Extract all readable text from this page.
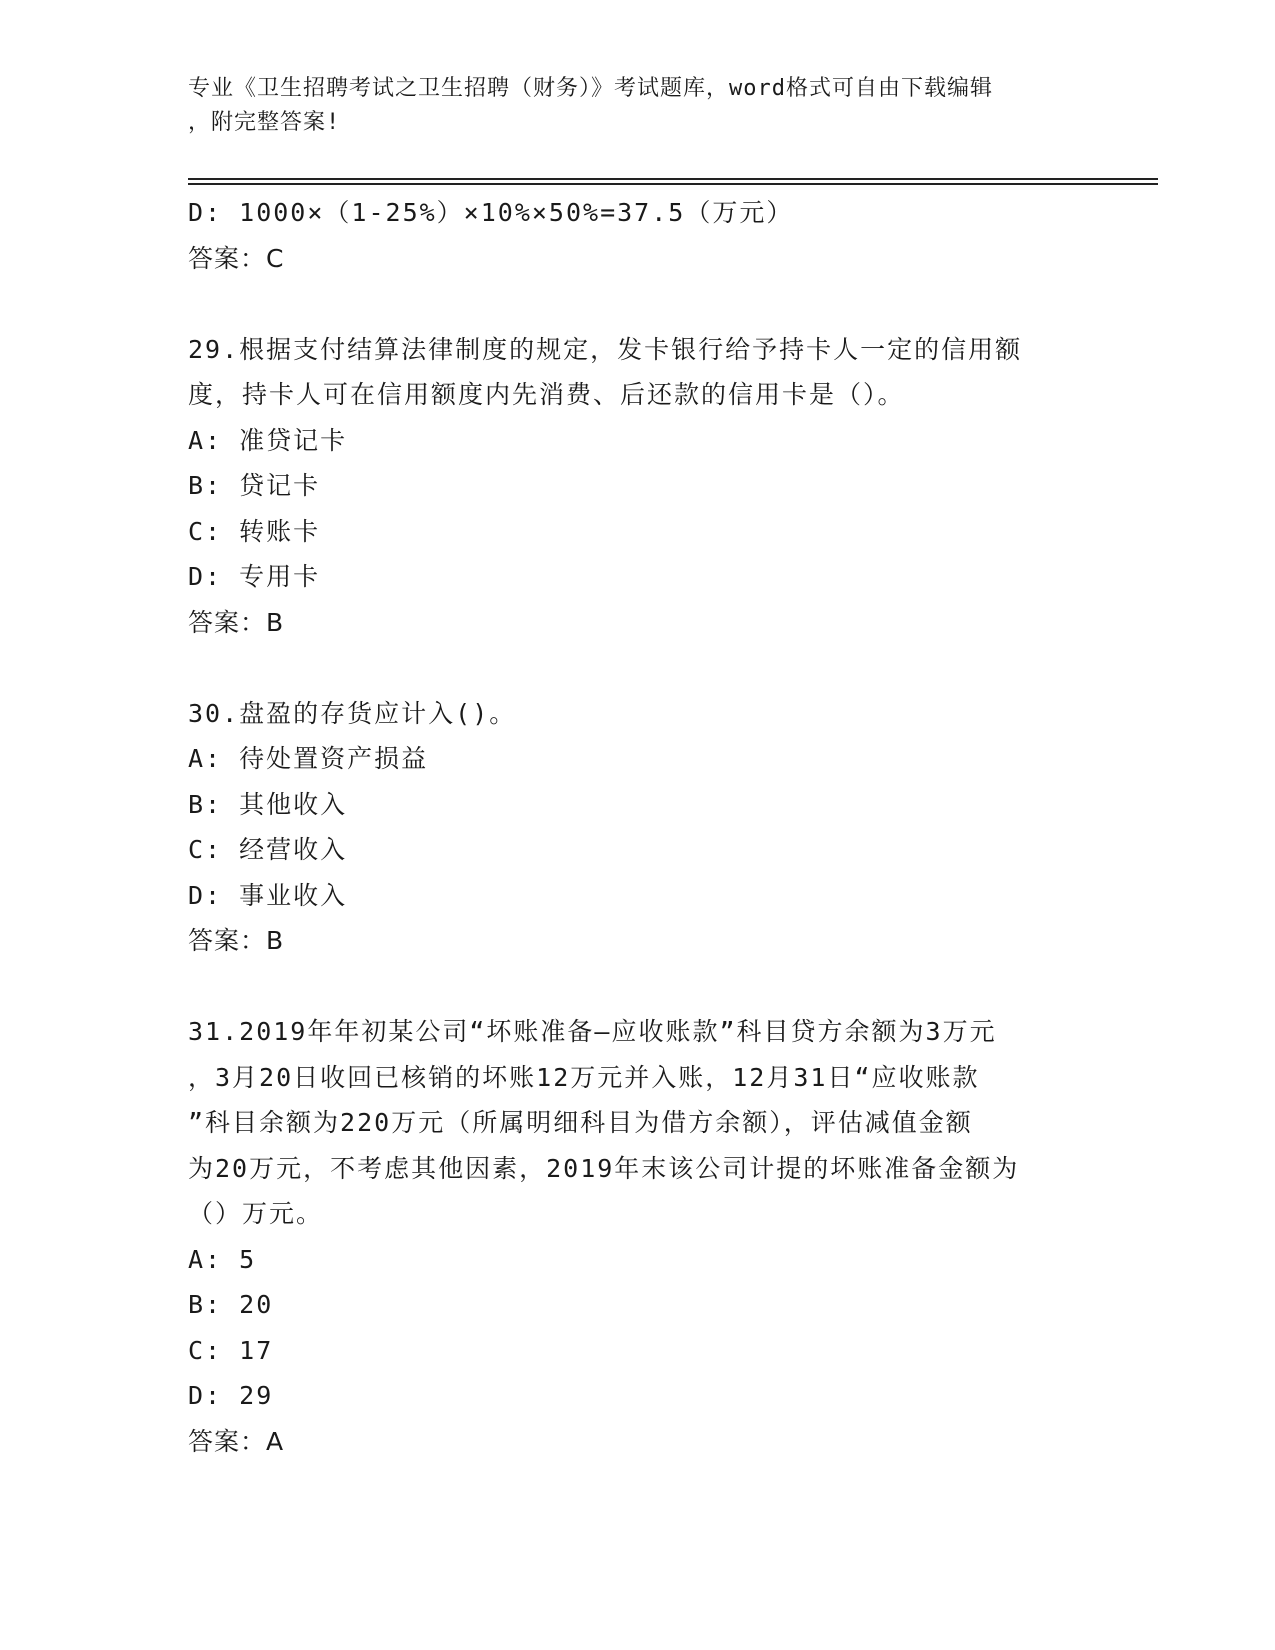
专业《卫生招聘考试之卫生招聘（财务）》考试题库，word格式可自由下载编辑
，附完整答案!
D: 1000×（1-25%）×10%×50%=37.5（万元）
答案：C
29.根据支付结算法律制度的规定，发卡银行给予持卡人一定的信用额
度，持卡人可在信用额度内先消费、后还款的信用卡是（）。
A: 准贷记卡
B: 贷记卡
C: 转账卡
D: 专用卡
答案：B
30.盘盈的存货应计入()。
A: 待处置资产损益
B: 其他收入
C: 经营收入
D: 事业收入
答案：B
31.2019年年初某公司“坏账准备—应收账款”科目贷方余额为3万元
，3月20日收回已核销的坏账12万元并入账，12月31日“应收账款
”科目余额为220万元（所属明细科目为借方余额），评估减值金额
为20万元，不考虑其他因素，2019年末该公司计提的坏账准备金额为
（）万元。
A: 5
B: 20
C: 17
D: 29
答案：A
